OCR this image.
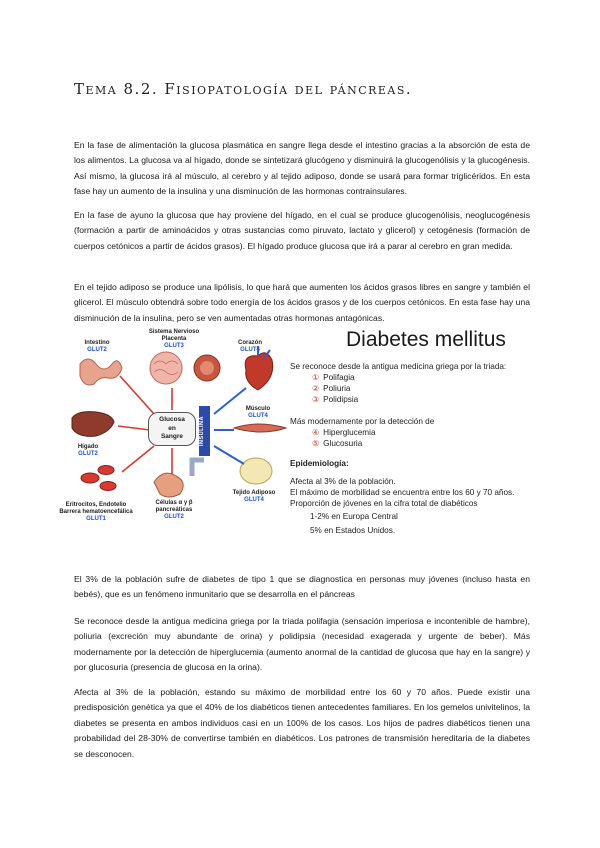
Tema 8.2. Fisiopatología del páncreas.

En la fase de alimentación la glucosa plasmática en sangre llega desde el intestino gracias a la absorción de esta de los alimentos. La glucosa va al hígado, donde se sintetizará glucógeno y disminuirá la glucogenólisis y la glucogénesis. Así mismo, la glucosa irá al músculo, al cerebro y al tejido adiposo, donde se usará para formar triglicéridos. En esta fase hay un aumento de la insulina y una disminución de las hormonas contrainsulares.

En la fase de ayuno la glucosa que hay proviene del hígado, en el cual se produce glucogenólisis, neoglucogénesis (formación a partir de aminoácidos y otras sustancias como piruvato, lactato y glicerol) y cetogénesis (formación de cuerpos cetónicos a partir de ácidos grasos). El hígado produce glucosa que irá a parar al cerebro en gran medida.

En el tejido adiposo se produce una lipólisis, lo que hará que aumenten los ácidos grasos libres en sangre y también el glicerol. El músculo obtendrá sobre todo energía de los ácidos grasos y de los cuerpos cetónicos. En esta fase hay una disminución de la insulina, pero se ven aumentadas otras hormonas antagónicas.

Intestino
GLUT2
Sistema Nervioso
Placenta
GLUT3	Corazón
GLUT4
Hígado
GLUT2
Músculo
GLUT4
Eritrocitos, Endotelio
Barrera hematoencefálica
GLUT1
Células α y β
pancreáticas
GLUT2
Tejido Adiposo
GLUT4
Glucosa
en
Sangre	INSULINA
Diabetes mellitus
Se reconoce desde la antigua medicina griega por la triada:
① Polifagia
② Poliuria
③ Polidipsia
Más modernamente por la detección de
④ Hiperglucemia
⑤ Glucosuria
Epidemiología:
Afecta al 3% de la población.
El máximo de morbilidad se encuentra entre los 60 y 70 años.
Proporción de jóvenes en la cifra total de diabéticos
1-2% en Europa Central
5% en Estados Unidos.

El 3% de la población sufre de diabetes de tipo 1 que se diagnostica en personas muy jóvenes (incluso hasta en bebés), que es un fenómeno inmunitario que se desarrolla en el páncreas

Se reconoce desde la antigua medicina griega por la triada polifagia (sensación imperiosa e incontenible de hambre), poliuria (excreción muy abundante de orina) y polidipsia (necesidad exagerada y urgente de beber). Más modernamente por la detección de hiperglucemia (aumento anormal de la cantidad de glucosa que hay en la sangre) y por glucosuria (presencia de glucosa en la orina).

Afecta al 3% de la población, estando su máximo de morbilidad entre los 60 y 70 años. Puede existir una predisposición genética ya que el 40% de los diabéticos tienen antecedentes familiares. En los gemelos univitelinos, la diabetes se presenta en ambos individuos casi en un 100% de los casos. Los hijos de padres diabéticos tienen una probabilidad del 28-30% de convertirse también en diabéticos. Los patrones de transmisión hereditaria de la diabetes se desconocen.
